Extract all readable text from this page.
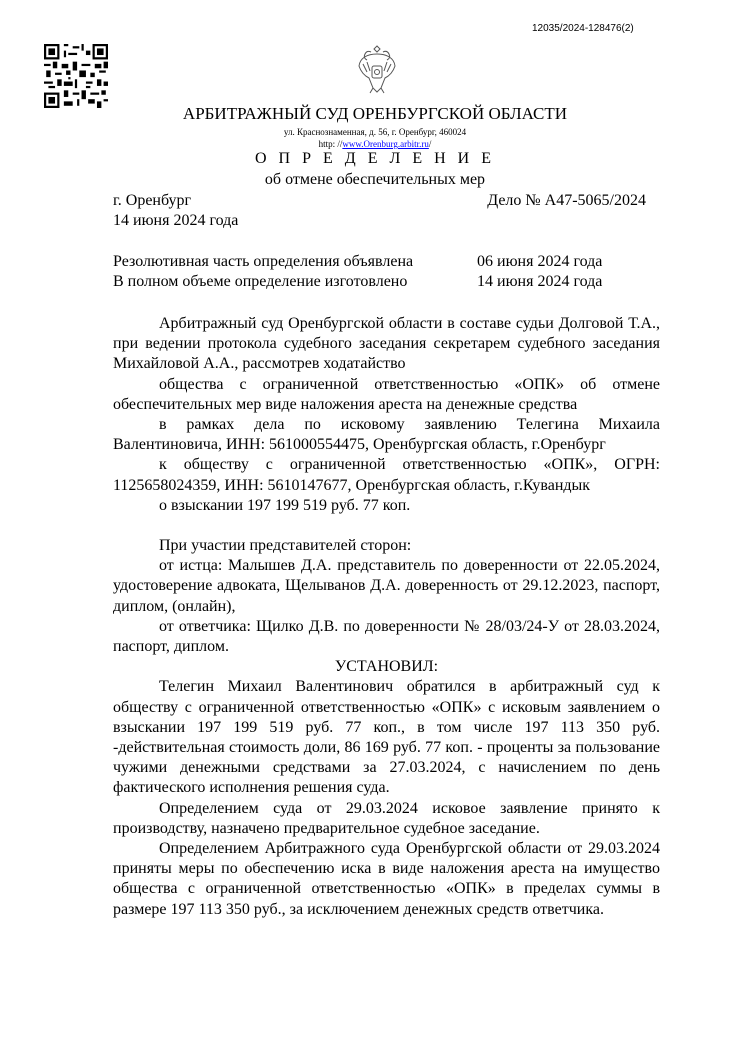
12035/2024-128476(2)
АРБИТРАЖНЫЙ СУД ОРЕНБУРГСКОЙ ОБЛАСТИ
ул. Краснознаменная, д. 56, г. Оренбург, 460024
http: //www.Orenburg.arbitr.ru/
О П Р Е Д Е Л Е Н И Е
об отмене обеспечительных мер
г. Оренбург	Дело № А47-5065/2024
14 июня 2024 года
Резолютивная часть определения объявлена	06 июня 2024 года
В полном объеме определение изготовлено	14 июня 2024 года

Арбитражный суд Оренбургской области в составе судьи Долговой Т.А., при ведении протокола судебного заседания секретарем судебного заседания Михайловой А.А., рассмотрев ходатайство

общества с ограниченной ответственностью «ОПК» об отмене обеспечительных мер виде наложения ареста на денежные средства

в рамках дела по исковому заявлению Телегина Михаила Валентиновича, ИНН: 561000554475, Оренбургская область, г.Оренбург

к обществу с ограниченной ответственностью «ОПК», ОГРН: 1125658024359, ИНН: 5610147677, Оренбургская область, г.Кувандык

о взыскании 197 199 519 руб. 77 коп.

При участии представителей сторон:

от истца: Малышев Д.А. представитель по доверенности от 22.05.2024, удостоверение адвоката, Щелыванов Д.А. доверенность от 29.12.2023, паспорт, диплом, (онлайн),

от ответчика: Щилко Д.В. по доверенности № 28/03/24-У от 28.03.2024, паспорт, диплом.

УСТАНОВИЛ:

Телегин Михаил Валентинович обратился в арбитражный суд к обществу с ограниченной ответственностью «ОПК» с исковым заявлением о взыскании 197 199 519 руб. 77 коп., в том числе 197 113 350 руб. -действительная стоимость доли, 86 169 руб. 77 коп. - проценты за пользование чужими денежными средствами за 27.03.2024, с начислением по день фактического исполнения решения суда.

Определением суда от 29.03.2024 исковое заявление принято к производству, назначено предварительное судебное заседание.

Определением Арбитражного суда Оренбургской области от 29.03.2024 приняты меры по обеспечению иска в виде наложения ареста на имущество общества с ограниченной ответственностью «ОПК» в пределах суммы в размере 197 113 350 руб., за исключением денежных средств ответчика.
